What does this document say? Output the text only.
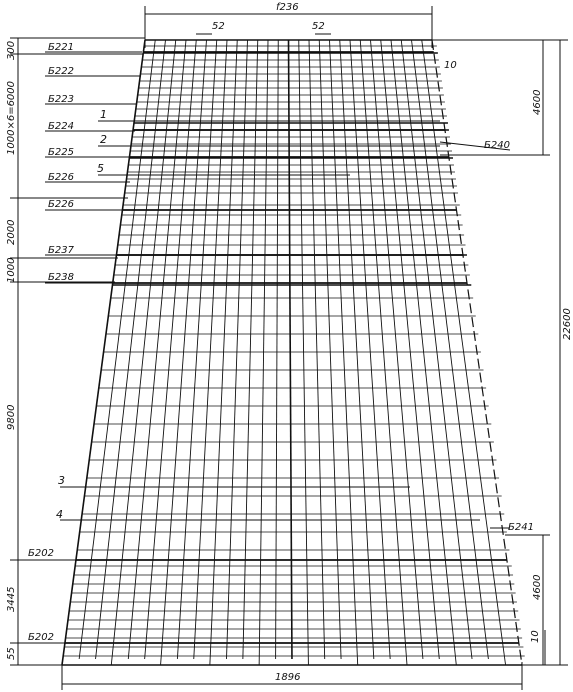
f236
52	52
10
1896
10
4600
22600
4600
300
1000×6=6000
2000
1000
9800
3445
55
Б221
Б222
Б223
Б224
Б225
Б226
Б226
Б237
Б238
Б202
Б202
Б240
Б241
1
2
5
3
4
